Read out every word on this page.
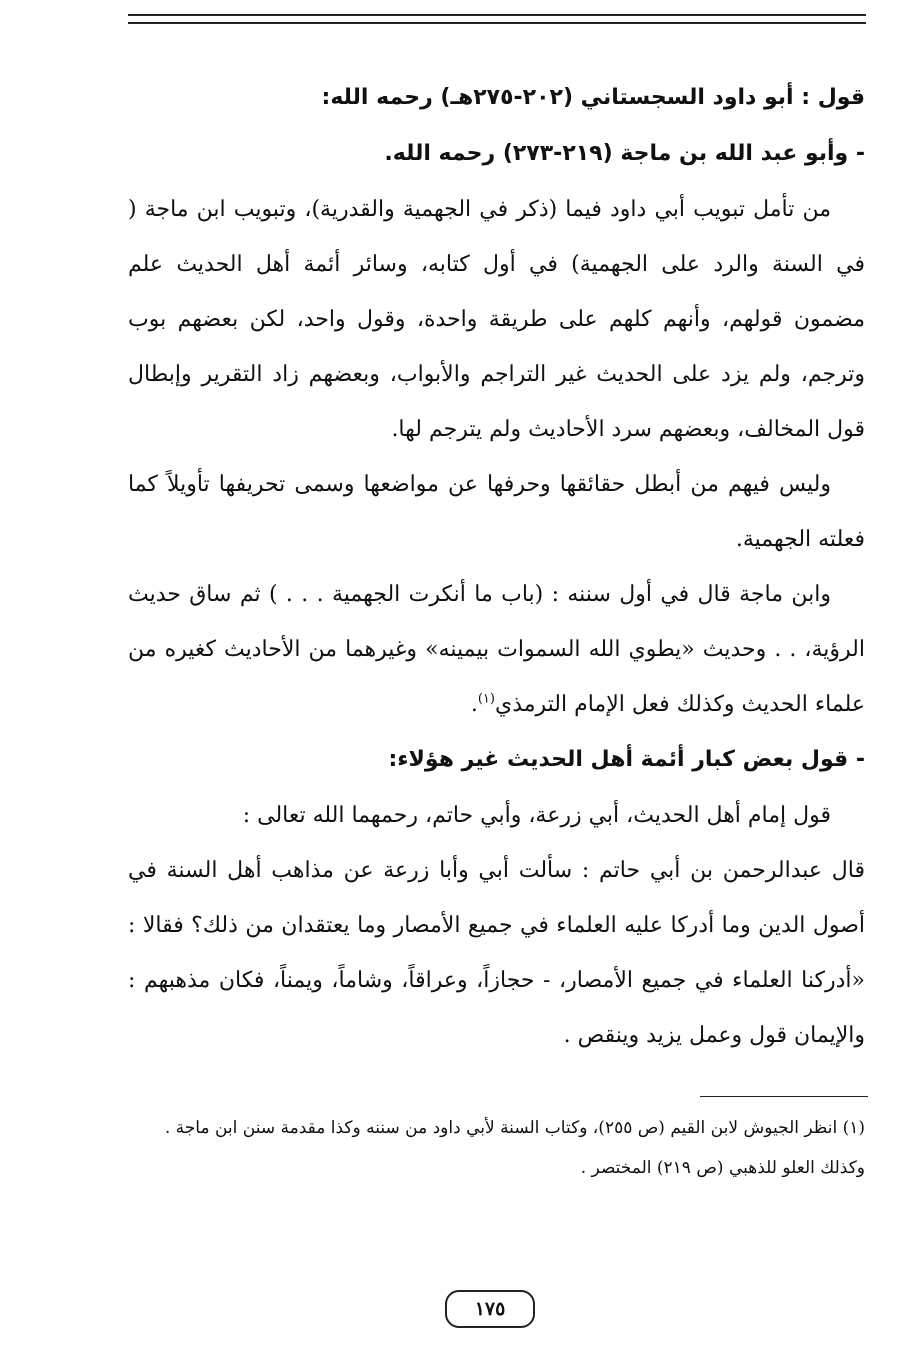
قول : أبو داود السجستاني (٢٠٢-٢٧٥هـ) رحمه الله:

- وأبو عبد الله بن ماجة (٢١٩-٢٧٣) رحمه الله.

من تأمل تبويب أبي داود فيما (ذكر في الجهمية والقدرية)، وتبويب ابن ماجة ( في السنة والرد على الجهمية) في أول كتابه، وسائر أئمة أهل الحديث علم مضمون قولهم، وأنهم كلهم على طريقة واحدة، وقول واحد، لكن بعضهم بوب وترجم، ولم يزد على الحديث غير التراجم والأبواب، وبعضهم زاد التقرير وإبطال قول المخالف، وبعضهم سرد الأحاديث ولم يترجم لها.

وليس فيهم من أبطل حقائقها وحرفها عن مواضعها وسمى تحريفها تأويلاً كما فعلته الجهمية.

وابن ماجة قال في أول سننه : (باب ما أنكرت الجهمية . . . ) ثم ساق حديث الرؤية، . . وحديث «يطوي الله السموات بيمينه» وغيرهما من الأحاديث كغيره من علماء الحديث وكذلك فعل الإمام الترمذي$^{(١)}$.

- قول بعض كبار أئمة أهل الحديث غير هؤلاء:

قول إمام أهل الحديث، أبي زرعة، وأبي حاتم، رحمهما الله تعالى :

قال عبدالرحمن بن أبي حاتم : سألت أبي وأبا زرعة عن مذاهب أهل السنة في أصول الدين وما أدركا عليه العلماء في جميع الأمصار وما يعتقدان من ذلك؟ فقالا : «أدركنا العلماء في جميع الأمصار، - حجازاً، وعراقاً، وشاماً، ويمناً، فكان مذهبهم : والإيمان قول وعمل يزيد وينقص .

(١) انظر الجيوش لابن القيم (ص ٢٥٥)، وكتاب السنة لأبي داود من سننه وكذا مقدمة سنن ابن ماجة .

وكذلك العلو للذهبي (ص ٢١٩) المختصر .

١٧٥
